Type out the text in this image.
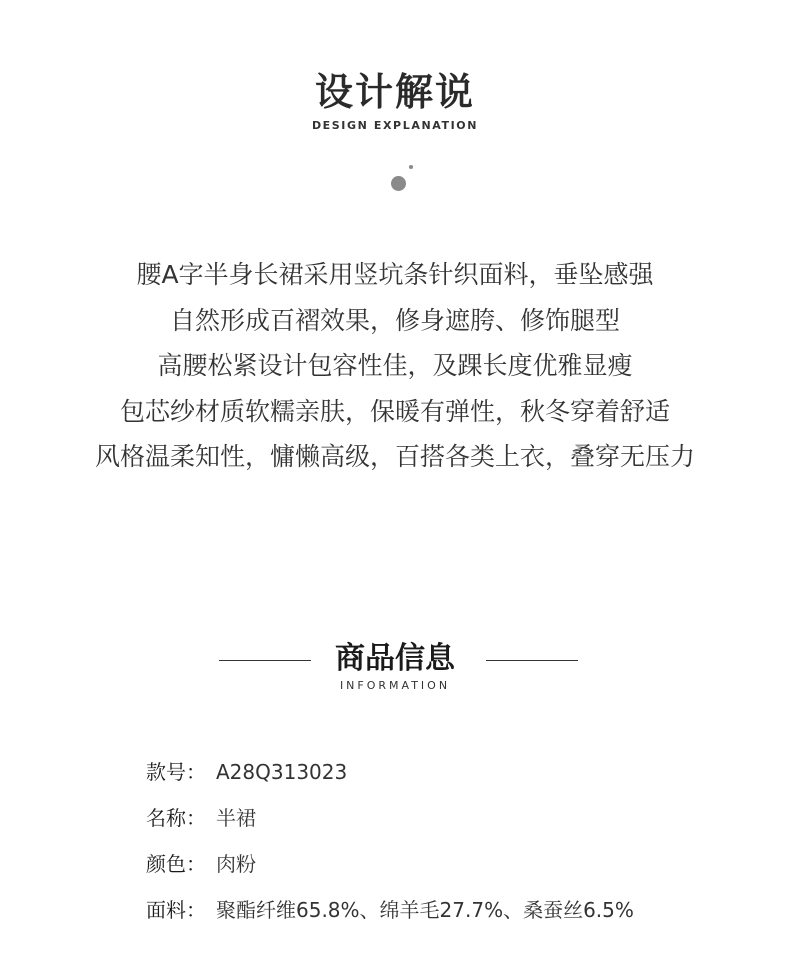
设计解说
DESIGN EXPLANATION
腰A字半身长裙采用竖坑条针织面料，垂坠感强
自然形成百褶效果，修身遮胯、修饰腿型
高腰松紧设计包容性佳，及踝长度优雅显瘦
包芯纱材质软糯亲肤，保暖有弹性，秋冬穿着舒适
风格温柔知性，慵懒高级，百搭各类上衣，叠穿无压力
商品信息
INFORMATION
款号： A28Q313023
名称： 半裙
颜色： 肉粉
面料： 聚酯纤维65.8%、绵羊毛27.7%、桑蚕丝6.5%
